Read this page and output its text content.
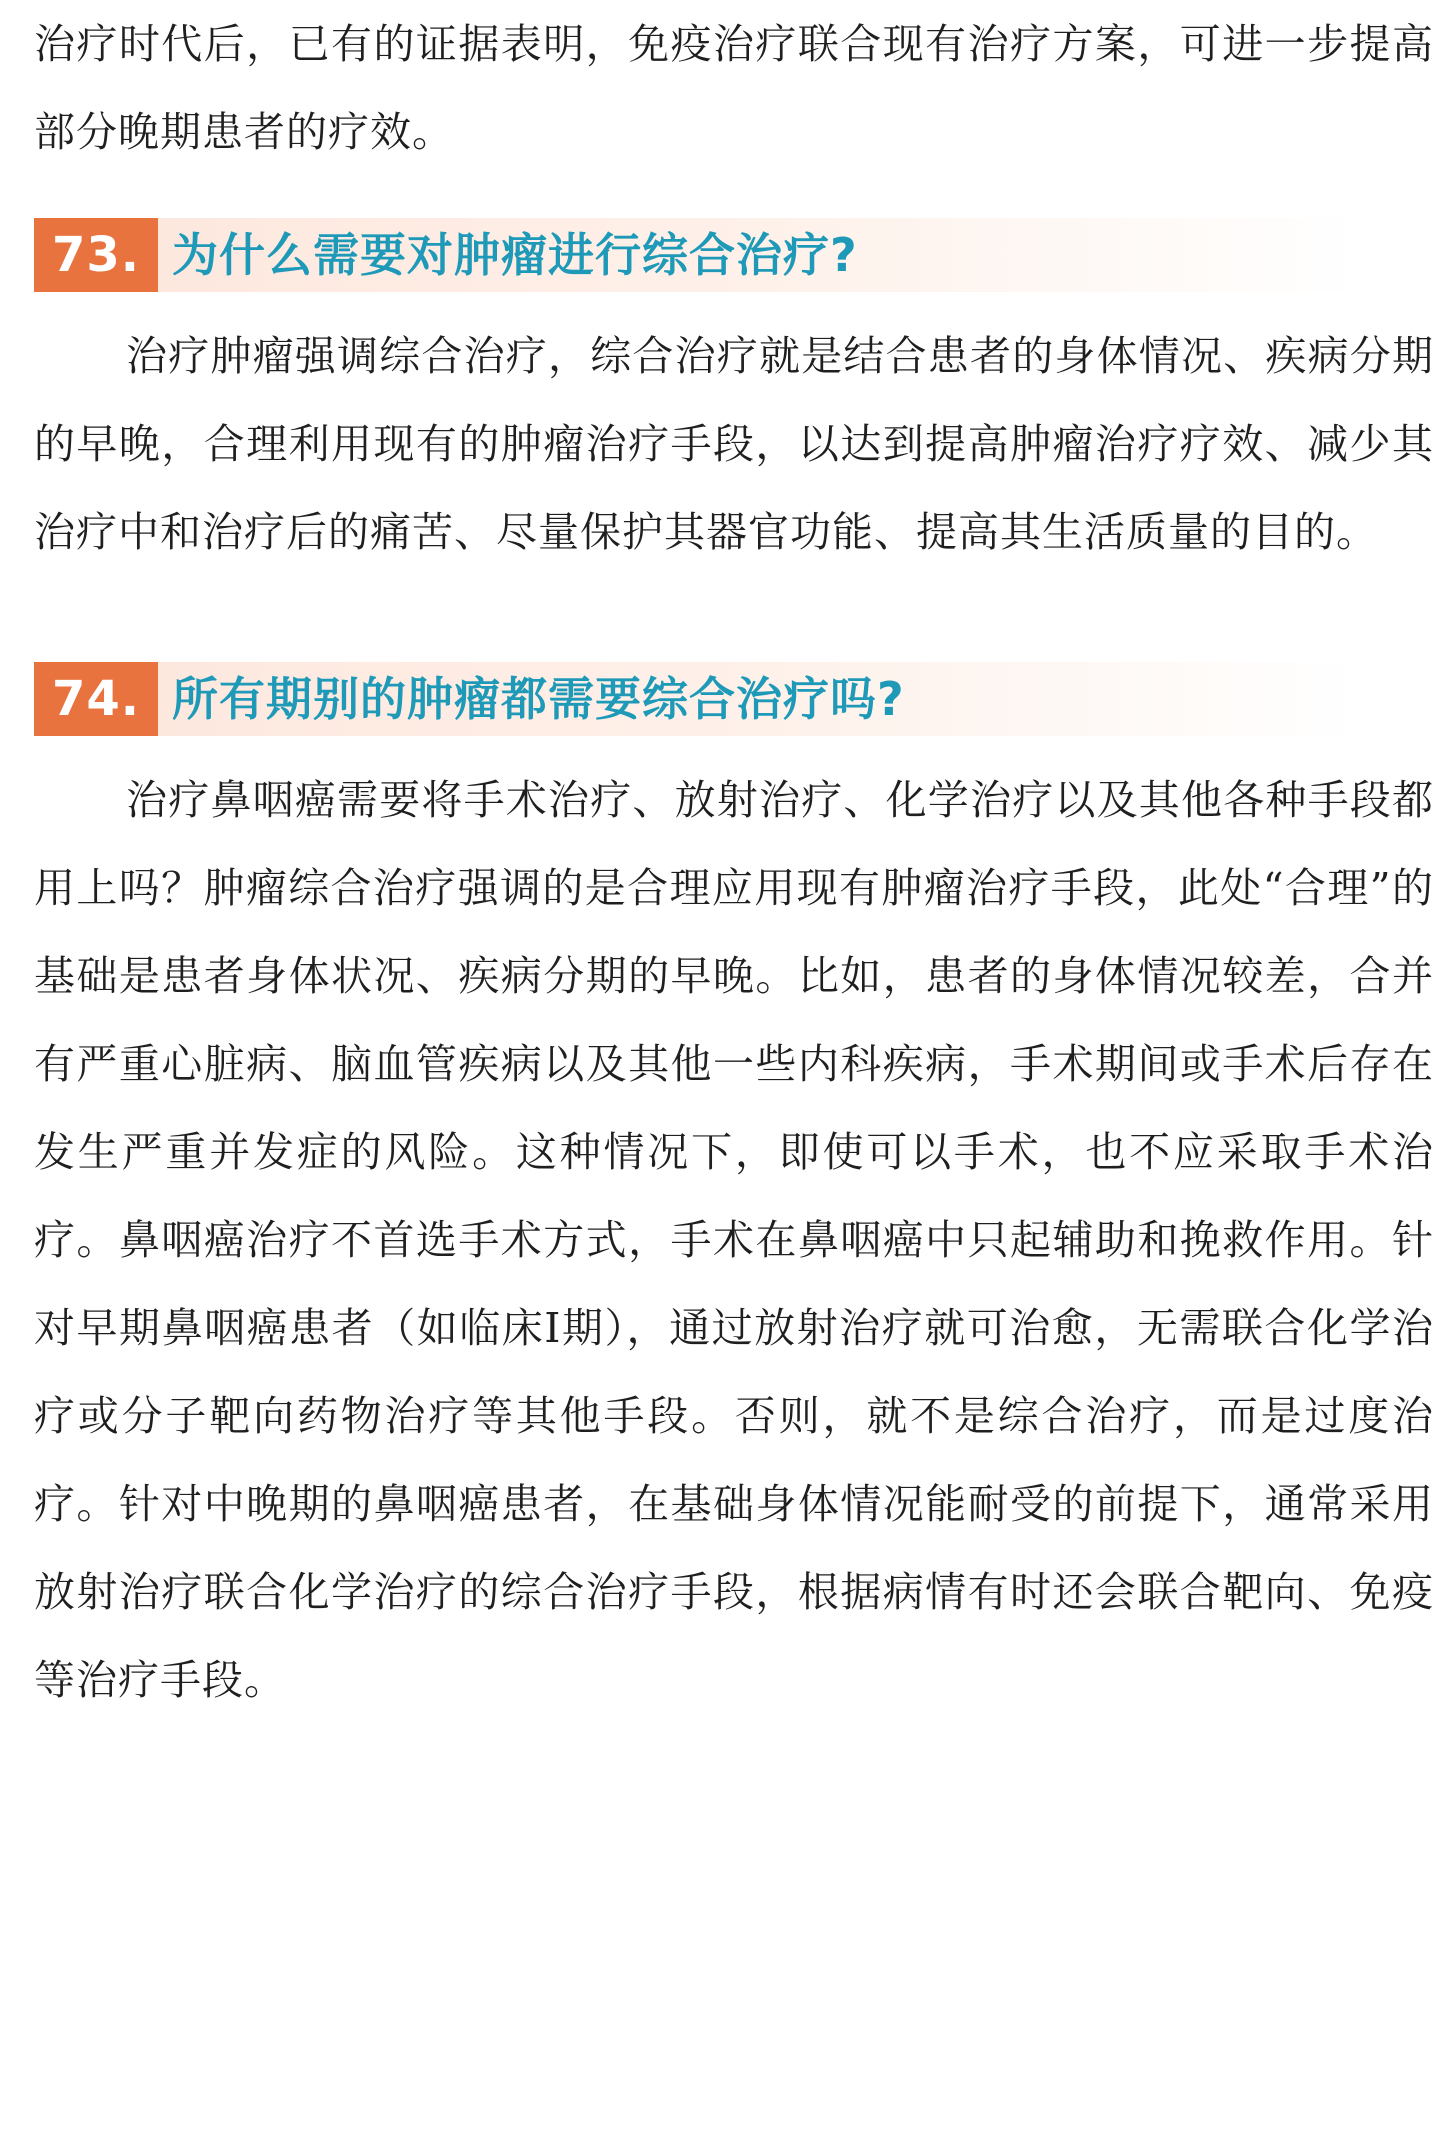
治疗时代后，已有的证据表明，免疫治疗联合现有治疗方案，可进一步提高部分晚期患者的疗效。

73. 为什么需要对肿瘤进行综合治疗?

治疗肿瘤强调综合治疗，综合治疗就是结合患者的身体情况、疾病分期的早晚，合理利用现有的肿瘤治疗手段，以达到提高肿瘤治疗疗效、减少其治疗中和治疗后的痛苦、尽量保护其器官功能、提高其生活质量的目的。

74. 所有期别的肿瘤都需要综合治疗吗?

治疗鼻咽癌需要将手术治疗、放射治疗、化学治疗以及其他各种手段都用上吗？肿瘤综合治疗强调的是合理应用现有肿瘤治疗手段，此处“合理”的基础是患者身体状况、疾病分期的早晚。比如，患者的身体情况较差，合并有严重心脏病、脑血管疾病以及其他一些内科疾病，手术期间或手术后存在发生严重并发症的风险。这种情况下，即使可以手术，也不应采取手术治疗。鼻咽癌治疗不首选手术方式，手术在鼻咽癌中只起辅助和挽救作用。针对早期鼻咽癌患者（如临床Ⅰ期），通过放射治疗就可治愈，无需联合化学治疗或分子靶向药物治疗等其他手段。否则，就不是综合治疗，而是过度治疗。针对中晚期的鼻咽癌患者，在基础身体情况能耐受的前提下，通常采用放射治疗联合化学治疗的综合治疗手段，根据病情有时还会联合靶向、免疫等治疗手段。
